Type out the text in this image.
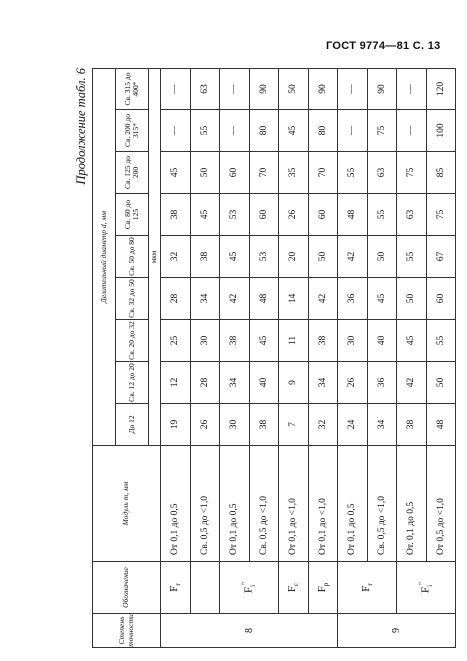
ГОСТ 9774—81 С. 13
Продолжение табл. 6
Степень точности	Обозначение	Модуль m, мм	Делительный диаметр d, мм								
			До 12	Св. 12 до 20	Св. 20 до 32	Св. 32 до 50	Св. 50 до 80	Св. 80 до 125	Св. 125 до 200	Св. 200 до 315*	Св. 315 до 400*
			мкм								
8	$F_r$	От 0,1 до 0,5	19	12	25	28	32	38	45	—	—
		Св. 0,5 до <1,0	26	28	30	34	38	45	50	55	63
	$F_i''$	От 0,1 до 0,5	30	34	38	42	45	53	60	—	—
		Св. 0,5 до <1,0	38	40	45	48	53	60	70	80	90
	$F_c$	От 0,1 до <1,0	7	9	11	14	20	26	35	45	50
	$F_p$	От 0,1 до <1,0	32	34	38	42	50	60	70	80	90
9	$F_r$	От 0,1 до 0,5	24	26	30	36	42	48	55	—	—
		Св. 0,5 до <1,0	34	36	40	45	50	55	63	75	90
	$F_i''$	От. 0,1 до 0,5	38	42	45	50	55	63	75	—	—
		От 0,5 до <1,0	48	50	55	60	67	75	85	100	120
